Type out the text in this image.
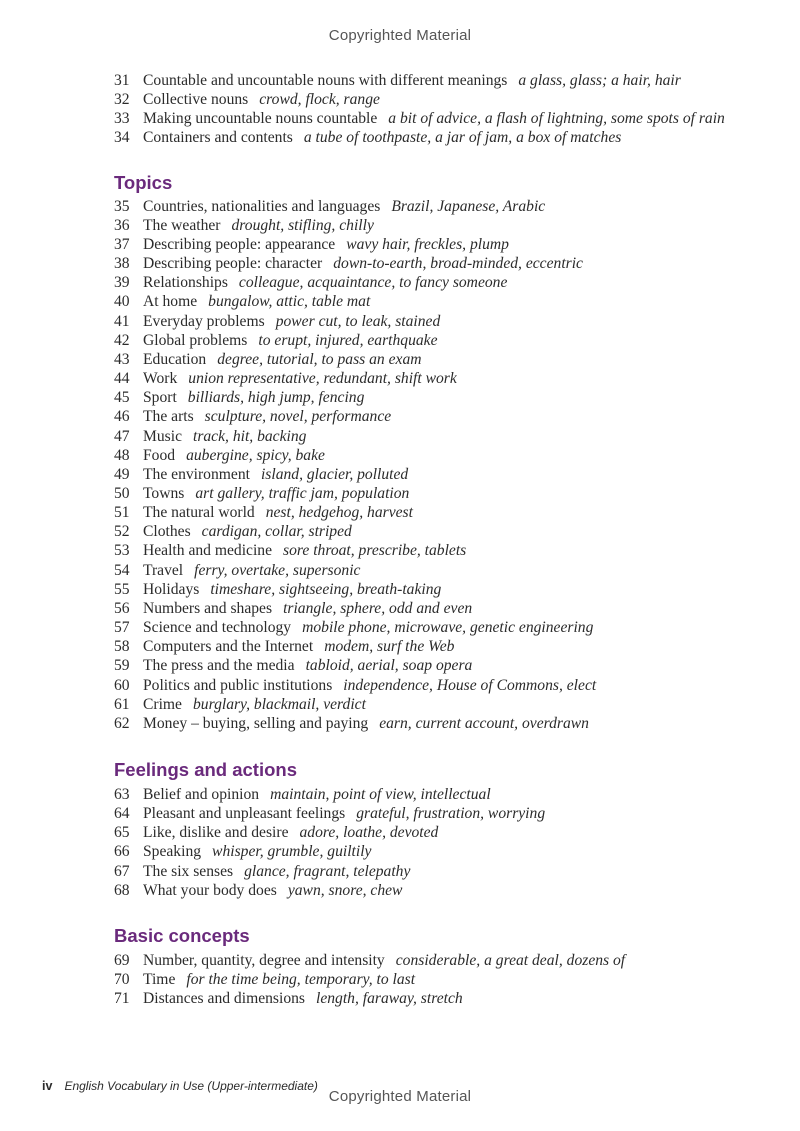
Copyrighted Material
31 Countable and uncountable nouns with different meanings a glass, glass; a hair, hair
32 Collective nouns crowd, flock, range
33 Making uncountable nouns countable a bit of advice, a flash of lightning, some spots of rain
34 Containers and contents a tube of toothpaste, a jar of jam, a box of matches
Topics
35 Countries, nationalities and languages Brazil, Japanese, Arabic
36 The weather drought, stifling, chilly
37 Describing people: appearance wavy hair, freckles, plump
38 Describing people: character down-to-earth, broad-minded, eccentric
39 Relationships colleague, acquaintance, to fancy someone
40 At home bungalow, attic, table mat
41 Everyday problems power cut, to leak, stained
42 Global problems to erupt, injured, earthquake
43 Education degree, tutorial, to pass an exam
44 Work union representative, redundant, shift work
45 Sport billiards, high jump, fencing
46 The arts sculpture, novel, performance
47 Music track, hit, backing
48 Food aubergine, spicy, bake
49 The environment island, glacier, polluted
50 Towns art gallery, traffic jam, population
51 The natural world nest, hedgehog, harvest
52 Clothes cardigan, collar, striped
53 Health and medicine sore throat, prescribe, tablets
54 Travel ferry, overtake, supersonic
55 Holidays timeshare, sightseeing, breath-taking
56 Numbers and shapes triangle, sphere, odd and even
57 Science and technology mobile phone, microwave, genetic engineering
58 Computers and the Internet modem, surf the Web
59 The press and the media tabloid, aerial, soap opera
60 Politics and public institutions independence, House of Commons, elect
61 Crime burglary, blackmail, verdict
62 Money – buying, selling and paying earn, current account, overdrawn
Feelings and actions
63 Belief and opinion maintain, point of view, intellectual
64 Pleasant and unpleasant feelings grateful, frustration, worrying
65 Like, dislike and desire adore, loathe, devoted
66 Speaking whisper, grumble, guiltily
67 The six senses glance, fragrant, telepathy
68 What your body does yawn, snore, chew
Basic concepts
69 Number, quantity, degree and intensity considerable, a great deal, dozens of
70 Time for the time being, temporary, to last
71 Distances and dimensions length, faraway, stretch
iv English Vocabulary in Use (Upper-intermediate)
Copyrighted Material
